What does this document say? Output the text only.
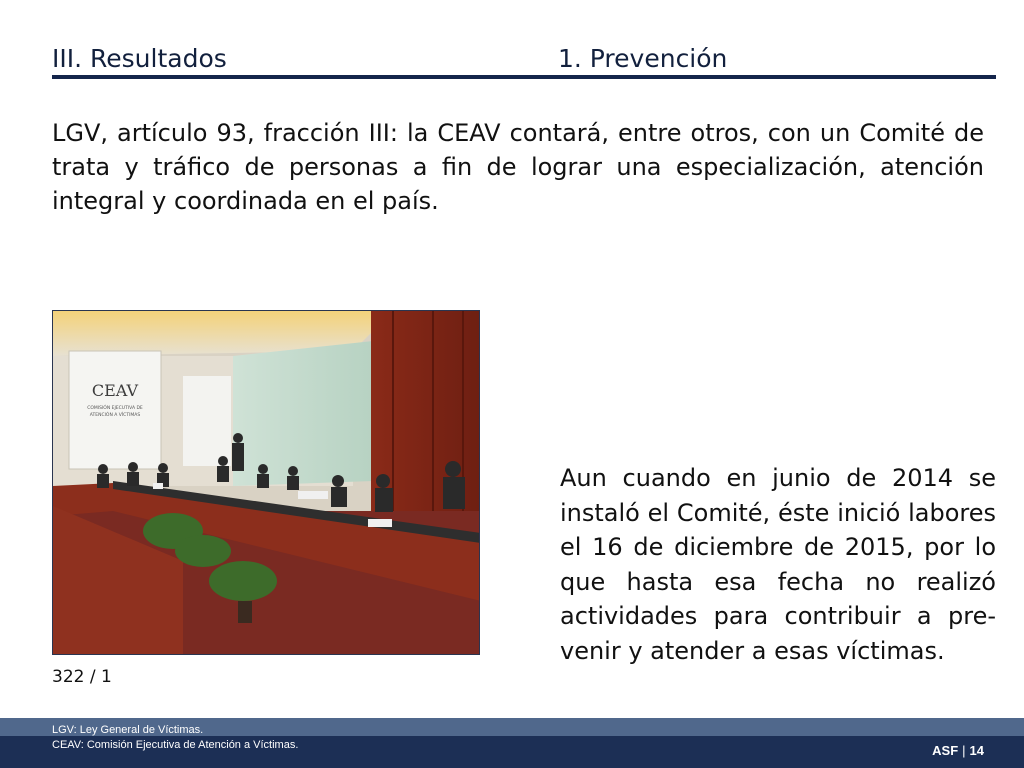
III. Resultados	1. Prevención

LGV, artículo 93, fracción III: la CEAV contará, entre otros, con un Comité de trata y tráfico de personas a fin de lograr una especialización, atención integral y coordinada en el país.

CEAV
COMISIÓN EJECUTIVA DE
ATENCIÓN A VÍCTIMAS
322 / 1

Aun cuando en junio de 2014 se instaló el Comité, éste inició labores el 16 de diciembre de 2015, por lo que hasta esa fecha no realizó actividades para contribuir a pre-venir y atender a esas víctimas.

LGV: Ley General de Víctimas.
CEAV: Comisión Ejecutiva de Atención a Víctimas.	ASF | 14
